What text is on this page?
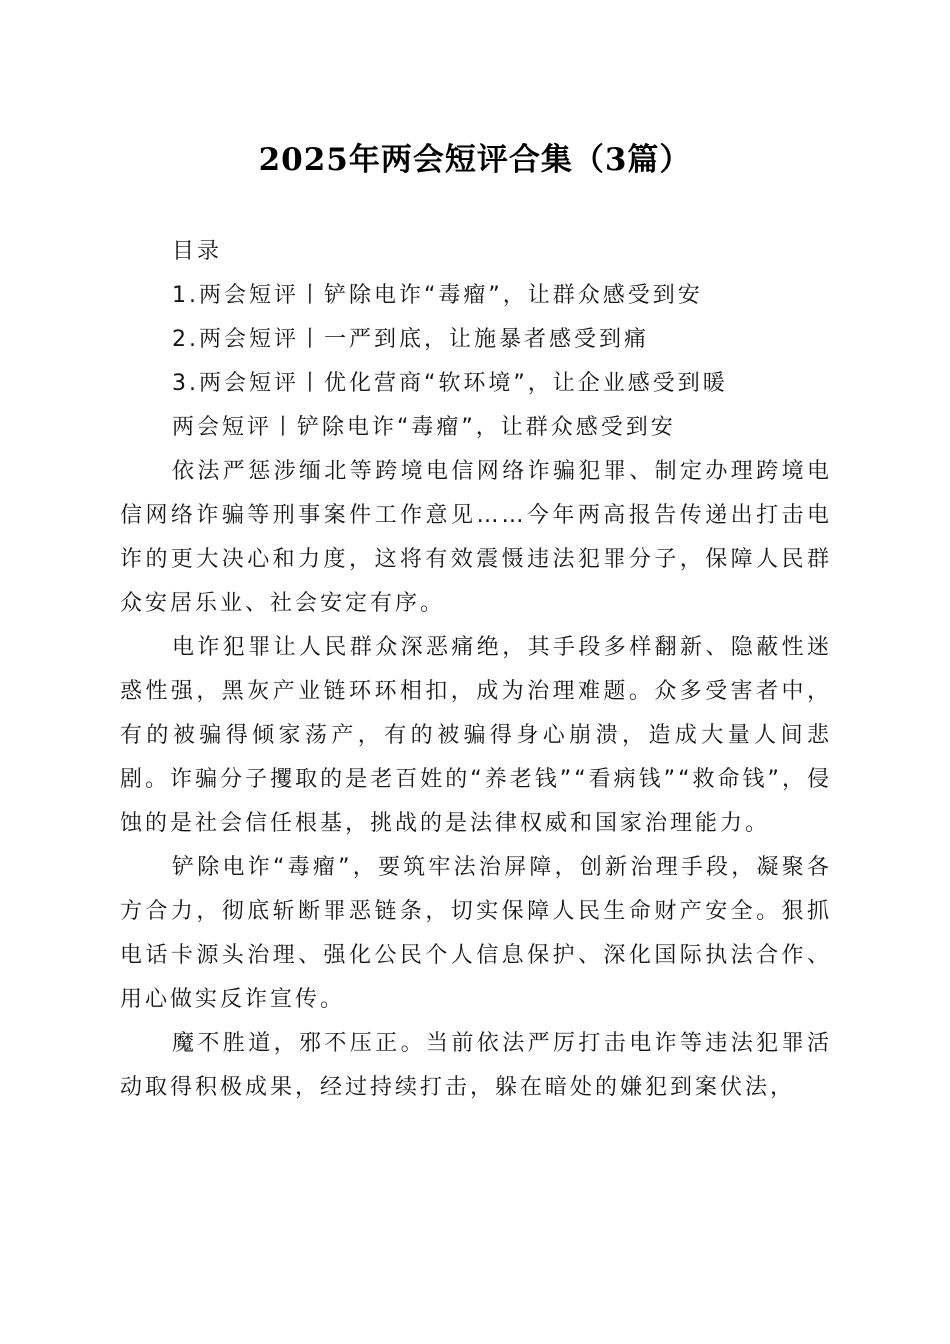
2025年两会短评合集（3篇）

目录

1.两会短评丨铲除电诈“毒瘤”，让群众感受到安

2.两会短评丨一严到底，让施暴者感受到痛

3.两会短评丨优化营商“软环境”，让企业感受到暖

两会短评丨铲除电诈“毒瘤”，让群众感受到安

依法严惩涉缅北等跨境电信网络诈骗犯罪、制定办理跨境电信网络诈骗等刑事案件工作意见……今年两高报告传递出打击电诈的更大决心和力度，这将有效震慑违法犯罪分子，保障人民群众安居乐业、社会安定有序。

电诈犯罪让人民群众深恶痛绝，其手段多样翻新、隐蔽性迷惑性强，黑灰产业链环环相扣，成为治理难题。众多受害者中，有的被骗得倾家荡产，有的被骗得身心崩溃，造成大量人间悲剧。诈骗分子攫取的是老百姓的“养老钱”“看病钱”“救命钱”，侵蚀的是社会信任根基，挑战的是法律权威和国家治理能力。

铲除电诈“毒瘤”，要筑牢法治屏障，创新治理手段，凝聚各方合力，彻底斩断罪恶链条，切实保障人民生命财产安全。狠抓电话卡源头治理、强化公民个人信息保护、深化国际执法合作、用心做实反诈宣传。

魔不胜道，邪不压正。当前依法严厉打击电诈等违法犯罪活动取得积极成果，经过持续打击，躲在暗处的嫌犯到案伏法，
